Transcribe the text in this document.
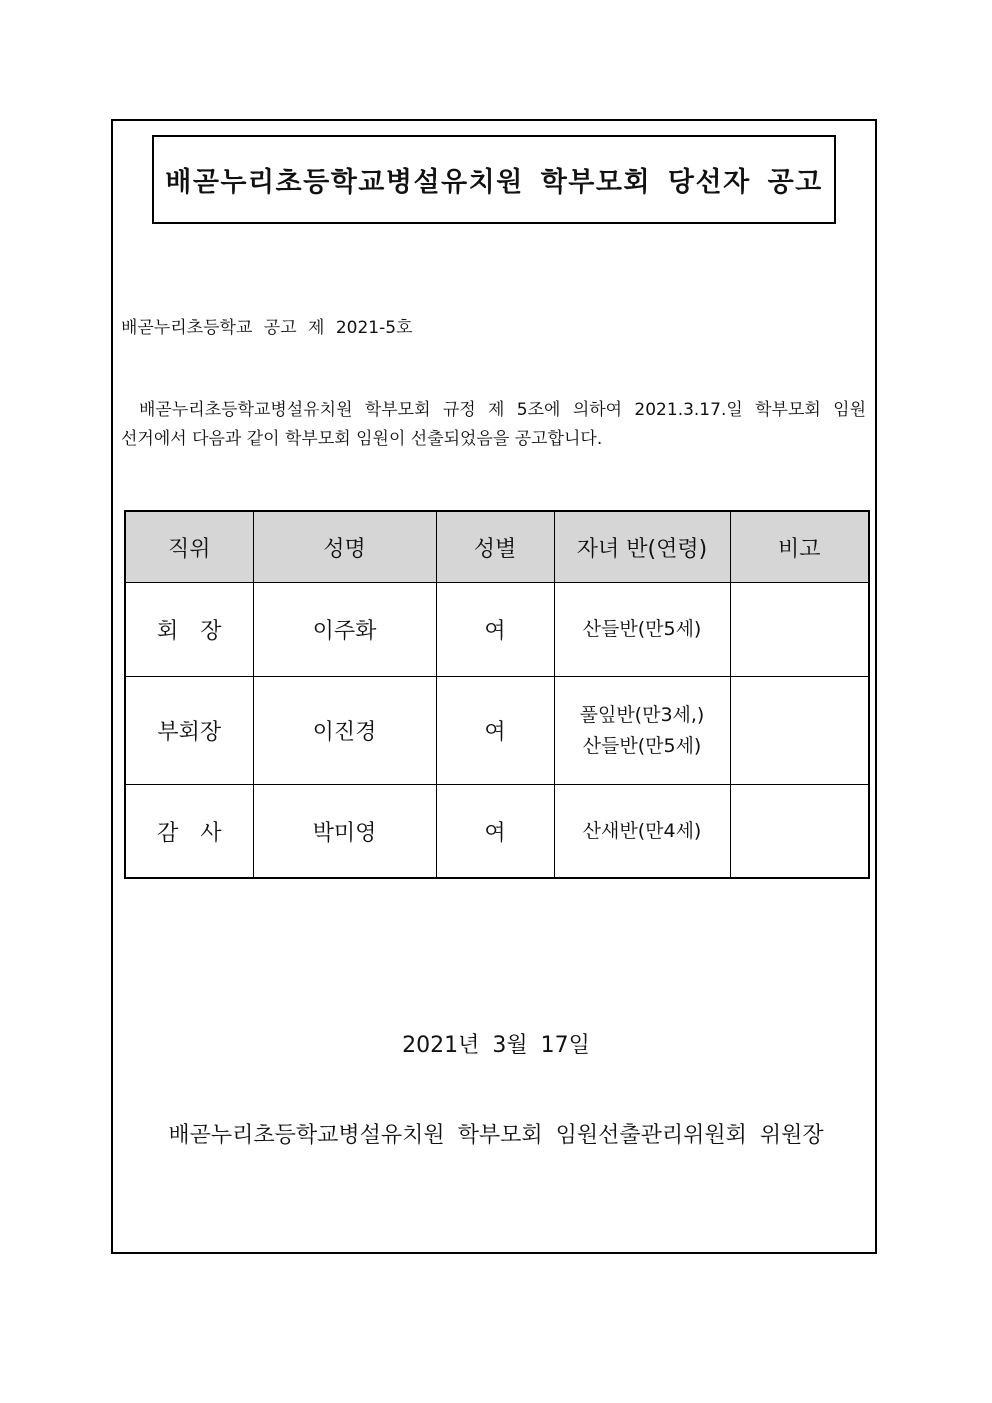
배곧누리초등학교병설유치원 학부모회 당선자 공고
배곧누리초등학교 공고 제 2021-5호

배곧누리초등학교병설유치원 학부모회 규정 제 5조에 의하여 2021.3.17.일 학부모회 임원

선거에서 다음과 같이 학부모회 임원이 선출되었음을 공고합니다.

직위	성명	성별	자녀 반(연령)	비고
회장	이주화	여	산들반(만5세)	

부회장	이진경	여	풀잎반(만3세,)
산들반(만5세)	

감사	박미영	여	산새반(만4세)	

2021년 3월 17일
배곧누리초등학교병설유치원 학부모회 임원선출관리위원회 위원장
